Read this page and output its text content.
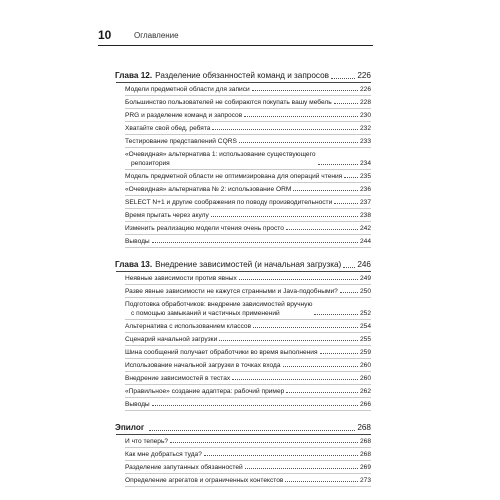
10	Оглавление
Глава 12. Разделение обязанностей команд и запросов	226
Модели предметной области для записи	226
Большинство пользователей не собираются покупать вашу мебель	228
PRG и разделение команд и запросов	230
Хватайте свой обед, ребята	232
Тестирование представлений CQRS	233
«Очевидная» альтернатива 1: использование существующего
репозитория	234
Модель предметной области не оптимизирована для операций чтения	235
«Очевидная» альтернатива № 2: использование ORM	236
SELECT N+1 и другие соображения по поводу производительности	237
Время прыгать через акулу	238
Изменить реализацию модели чтения очень просто	242
Выводы	244
Глава 13. Внедрение зависимостей (и начальная загрузка) 246
Неявные зависимости против явных	249
Разве явные зависимости не кажутся странными и Java-подобными?	250
Подготовка обработчиков: внедрение зависимостей вручную
с помощью замыканий и частичных применений	252
Альтернатива с использованием классов	254
Сценарий начальной загрузки	255
Шина сообщений получает обработчики во время выполнения	259
Использование начальной загрузки в точках входа	260
Внедрение зависимостей в тестах	260
«Правильное» создание адаптера: рабочий пример	262
Выводы	266
Эпилог	268
И что теперь?	268
Как мне добраться туда?	268
Разделение запутанных обязанностей	269
Определение агрегатов и ограниченных контекстов	273
